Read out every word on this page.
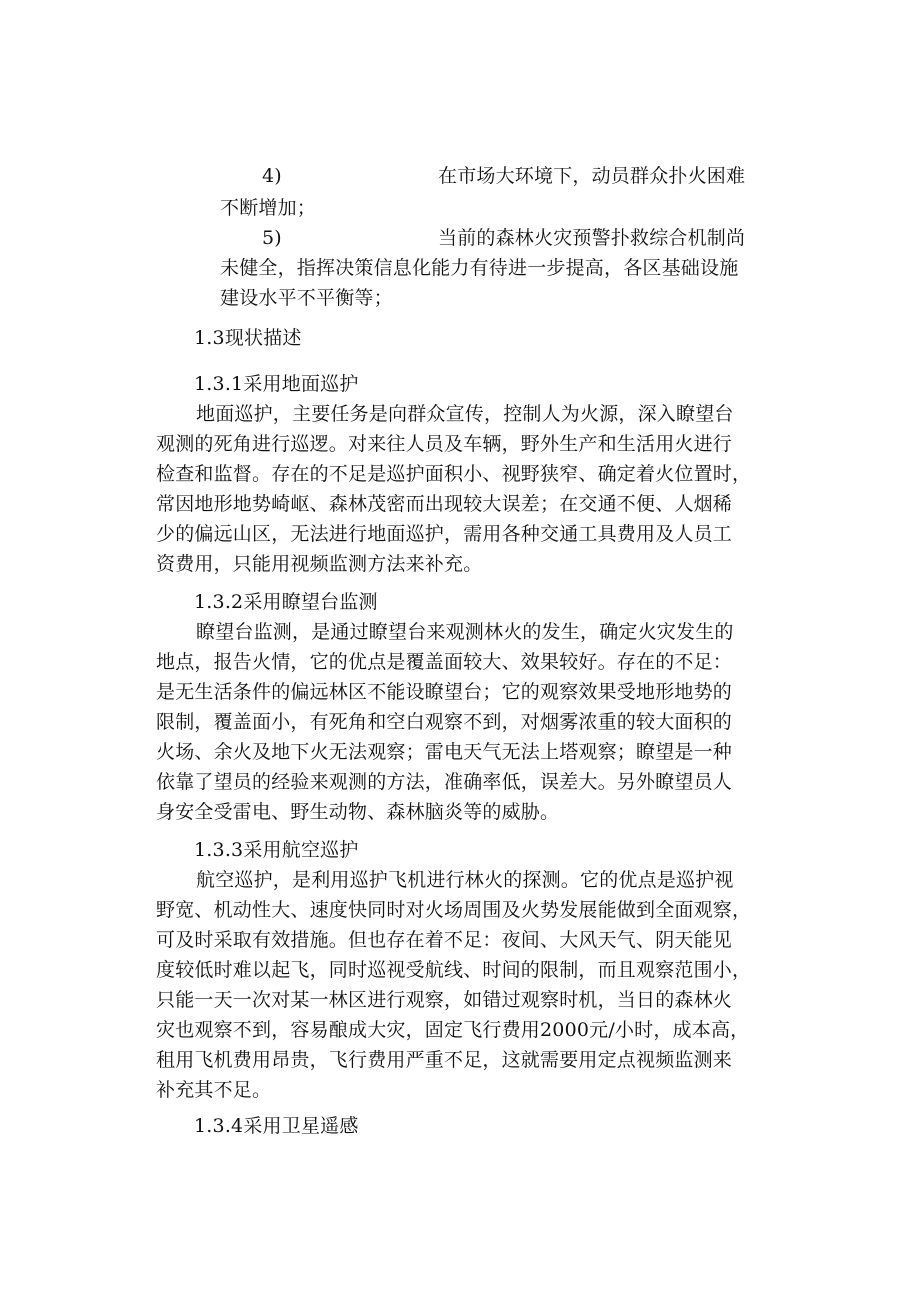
4)	在市场大环境下，动员群众扑火困难
不断增加；
5)	当前的森林火灾预警扑救综合机制尚
未健全，指挥决策信息化能力有待进一步提高，各区基础设施
建设水平不平衡等；
1.3现状描述
1.3.1采用地面巡护
地面巡护，主要任务是向群众宣传，控制人为火源，深入瞭望台
观测的死角进行巡逻。对来往人员及车辆，野外生产和生活用火进行
检查和监督。存在的不足是巡护面积小、视野狭窄、确定着火位置时，
常因地形地势崎岖、森林茂密而出现较大误差；在交通不便、人烟稀
少的偏远山区，无法进行地面巡护，需用各种交通工具费用及人员工
资费用，只能用视频监测方法来补充。
1.3.2采用瞭望台监测
瞭望台监测，是通过瞭望台来观测林火的发生，确定火灾发生的
地点，报告火情，它的优点是覆盖面较大、效果较好。存在的不足：
是无生活条件的偏远林区不能设瞭望台；它的观察效果受地形地势的
限制，覆盖面小，有死角和空白观察不到，对烟雾浓重的较大面积的
火场、余火及地下火无法观察；雷电天气无法上塔观察；瞭望是一种
依靠了望员的经验来观测的方法，准确率低，误差大。另外瞭望员人
身安全受雷电、野生动物、森林脑炎等的威胁。
1.3.3采用航空巡护
航空巡护，是利用巡护飞机进行林火的探测。它的优点是巡护视
野宽、机动性大、速度快同时对火场周围及火势发展能做到全面观察，
可及时采取有效措施。但也存在着不足：夜间、大风天气、阴天能见
度较低时难以起飞，同时巡视受航线、时间的限制，而且观察范围小，
只能一天一次对某一林区进行观察，如错过观察时机，当日的森林火
灾也观察不到，容易酿成大灾，固定飞行费用2000元/小时，成本高，
租用飞机费用昂贵，飞行费用严重不足，这就需要用定点视频监测来
补充其不足。
1.3.4采用卫星遥感
